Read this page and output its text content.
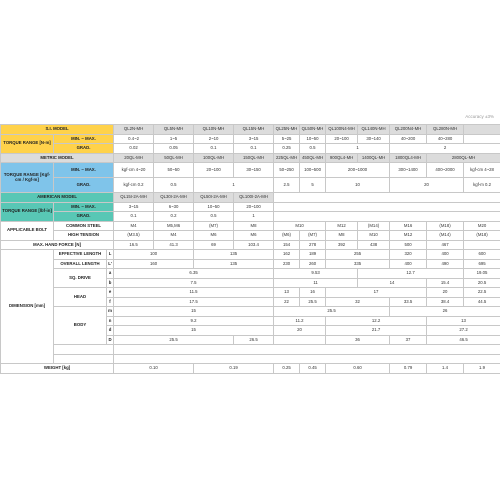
Accuracy ±3%
S.I. MODEL			QL2N-MH	QL5N-MH	QL10N-MH	QL15N-MH	QL25N-MH	QL50N-MH	QL100N4-MH	QL140N-MH	QL200N4-MH	QL280N-MH	
TORQUE RANGE [N-m]	MIN. ~ MAX.		0.4~2	1~5	2~10	3~15	5~25	10~50	20~100	30~140	40~200	40~280	
	GRAD.		0.02	0.05	0.1	0.1	0.25	0.5	1		2		
METRIC MODEL			20QL-MH	50QL-MH	100QL-MH	150QL-MH	225QL-MH	450QL-MH	900QL4-MH	1400QL-MH	1800QL4-MH	2800QL-MH	
TORQUE RANGE [Kgf-cm / Kgf-m]	MIN. ~ MAX.		kgf-cm 4~20	50~50	20~100	30~150	50~250	100~500	200~1000		300~1400	400~2000	kgf-cm 4~28
	GRAD.		kgf-cm 0.2	0.5	1		2.5	5	10		20		kgf-m 0.2
AMERICAN MODEL			QL15I-2A-MH	QL30I-2A-MH	QL50I-2A-MH	QL100I-2A-MH							
TORQUE RANGE [lbf-in]	MIN. ~ MAX.		3~15	6~30	10~50	20~100							
	GRAD.		0.1	0.2	0.5	1							
APPLICABLE BOLT	COMMON STEEL		M4	M5,M6	(M7)	M8	M10		M12	(M14)	M16	(M18)	M20
	HIGH TENSION		(M3.5)	M4	M6	M6	(M6)	(M7)	M8	M10	M12	(M14)	(M18)
MAX. HAND FORCE [N]			16.5	41.3	69	103.4	154	278	392	438	500	467	
DIMENSION [mm]	EFFECTIVE LENGTH	L	100		135		162	189	255		320	400	600
	OVERALL LENGTH	L'	160		135		230	260	335		400	490	695
	SQ. DRIVE	a	6.35				9.53			12.7			19.05
		b	7.5				11			14		15.4	20.5
	HEAD	e	11.5				13	16	17			20	22.5
		f	17.5				22	25.5	32		33.5	38.4	44.5
	BODY	m	15				25.5				26		
		n	9.2				11.2		12.2			13	
		d	15				20		21.7			27.2	
		D	25.5			26.5			36		37	46.5	

WEIGHT [kg]			0.10		0.19		0.25	0.45	0.60		0.79	1.4	1.9
